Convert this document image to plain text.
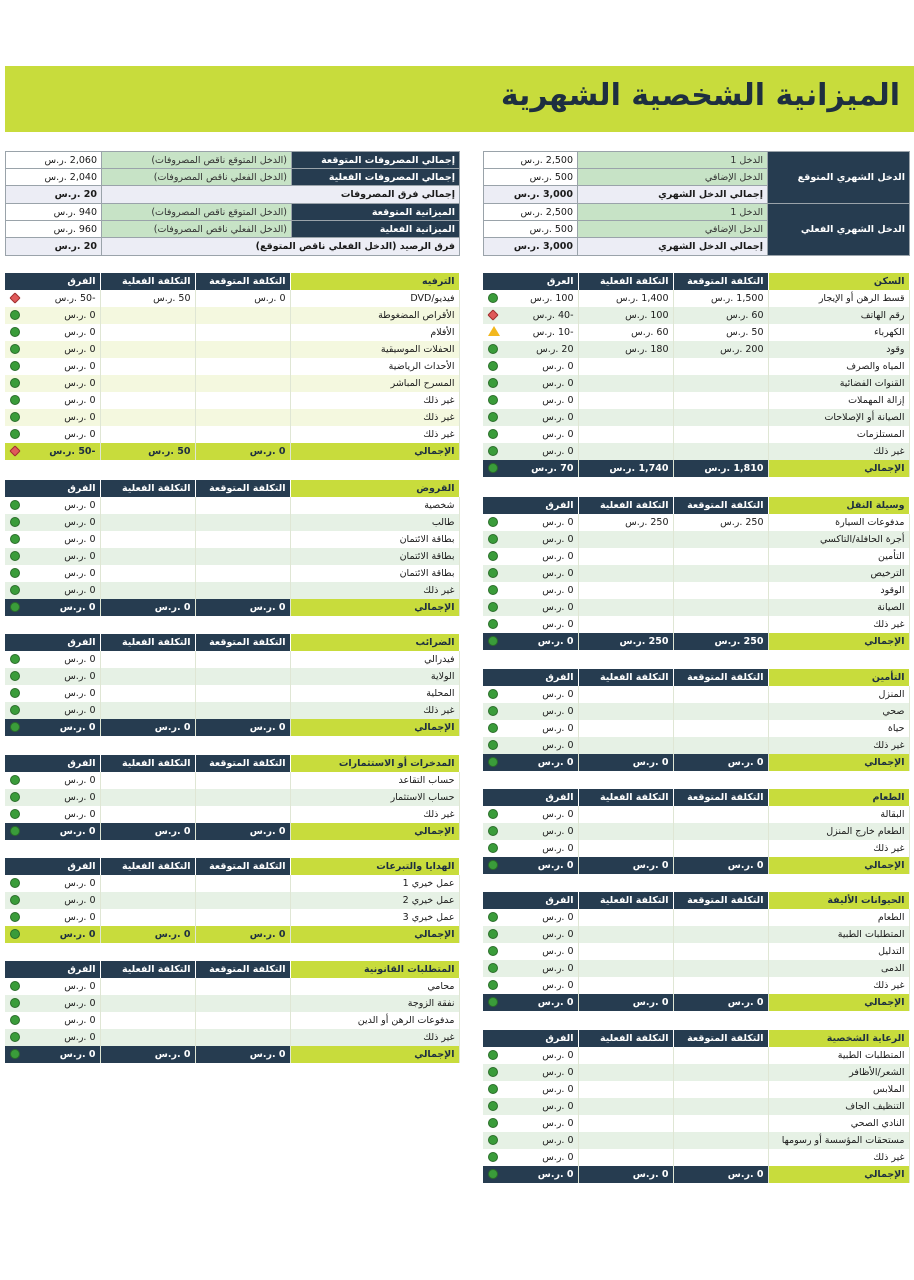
الميزانية الشخصية الشهرية
الدخل الشهري المتوقع	الدخل 1	2,500 .ر.س
	الدخل الإضافي	500 .ر.س
	إجمالي الدخل الشهري	3,000 .ر.س
الدخل الشهري الفعلي	الدخل 1	2,500 .ر.س
	الدخل الإضافي	500 .ر.س
	إجمالي الدخل الشهري	3,000 .ر.س
إجمالي المصروفات المتوقعة	(الدخل المتوقع ناقص المصروفات)	2,060 .ر.س
إجمالي المصروفات الفعلية	(الدخل الفعلي ناقص المصروفات)	2,040 .ر.س
إجمالي فرق المصروفات		20 .ر.س
الميزانية المتوقعة	(الدخل المتوقع ناقص المصروفات)	940 .ر.س
الميزانية الفعلية	(الدخل الفعلي ناقص المصروفات)	960 .ر.س
فرق الرصيد (الدخل الفعلي ناقص المتوقع)		20 .ر.س
السكن	التكلفة المتوقعة	التكلفة الفعلية	العرق
قسط الرهن أو الإيجار	1,500 .ر.س	1,400 .ر.س	100 .ر.س
رقم الهاتف	60 .ر.س	100 .ر.س	-40 .ر.س
الكهرباء	50 .ر.س	60 .ر.س	-10 .ر.س
وقود	200 .ر.س	180 .ر.س	20 .ر.س
المياه والصرف			0 .ر.س
القنوات الفضائية			0 .ر.س
إزالة المهملات			0 .ر.س
الصيانة أو الإصلاحات			0 .ر.س
المستلزمات			0 .ر.س
غير ذلك			0 .ر.س
الإجمالي	1,810 .ر.س	1,740 .ر.س	70 .ر.س
وسيلة النقل	التكلفة المتوقعة	التكلفة الفعلية	الفرق
مدفوعات السيارة	250 .ر.س	250 .ر.س	0 .ر.س
أجرة الحافلة/التاكسي			0 .ر.س
التأمين			0 .ر.س
الترخيص			0 .ر.س
الوقود			0 .ر.س
الصيانة			0 .ر.س
غير ذلك			0 .ر.س
الإجمالي	250 .ر.س	250 .ر.س	0 .ر.س
التأمين	التكلفة المتوقعة	التكلفة الفعلية	الفرق
المنزل			0 .ر.س
صحي			0 .ر.س
حياة			0 .ر.س
غير ذلك			0 .ر.س
الإجمالي	0 .ر.س	0 .ر.س	0 .ر.س
الطعام	التكلفة المتوقعة	التكلفة الفعلية	الفرق
البقالة			0 .ر.س
الطعام خارج المنزل			0 .ر.س
غير ذلك			0 .ر.س
الإجمالي	0 .ر.س	0 .ر.س	0 .ر.س
الحيوانات الأليفة	التكلفة المتوقعة	التكلفة الفعلية	الفرق
الطعام			0 .ر.س
المتطلبات الطبية			0 .ر.س
التدليل			0 .ر.س
الدمى			0 .ر.س
غير ذلك			0 .ر.س
الإجمالي	0 .ر.س	0 .ر.س	0 .ر.س
الرعاية الشخصية	التكلفة المتوقعة	التكلفة الفعلية	الفرق
المتطلبات الطبية			0 .ر.س
الشعر/الأظافر			0 .ر.س
الملابس			0 .ر.س
التنظيف الجاف			0 .ر.س
النادي الصحي			0 .ر.س
مستحقات المؤسسة أو رسومها			0 .ر.س
غير ذلك			0 .ر.س
الإجمالي	0 .ر.س	0 .ر.س	0 .ر.س
الترفيه	التكلفة المتوقعة	التكلفة الفعلية	الفرق
فيديو/DVD	0 .ر.س	50 .ر.س	-50 .ر.س
الأقراص المضغوطة			0 .ر.س
الأفلام			0 .ر.س
الحفلات الموسيقية			0 .ر.س
الأحداث الرياضية			0 .ر.س
المسرح المباشر			0 .ر.س
غير ذلك			0 .ر.س
غير ذلك			0 .ر.س
غير ذلك			0 .ر.س
الإجمالي	0 .ر.س	50 .ر.س	-50 .ر.س
القروض	التكلفة المتوقعة	التكلفة الفعلية	الفرق
شخصية			0 .ر.س
طالب			0 .ر.س
بطاقة الائتمان			0 .ر.س
بطاقة الائتمان			0 .ر.س
بطاقة الائتمان			0 .ر.س
غير ذلك			0 .ر.س
الإجمالي	0 .ر.س	0 .ر.س	0 .ر.س
الضرائب	التكلفة المتوقعة	التكلفة الفعلية	الفرق
فيدرالي			0 .ر.س
الولاية			0 .ر.س
المحلية			0 .ر.س
غير ذلك			0 .ر.س
الإجمالي	0 .ر.س	0 .ر.س	0 .ر.س
المدخرات أو الاستثمارات	التكلفة المتوقعة	التكلفة الفعلية	الفرق
حساب التقاعد			0 .ر.س
حساب الاستثمار			0 .ر.س
غير ذلك			0 .ر.س
الإجمالي	0 .ر.س	0 .ر.س	0 .ر.س
الهدايا والتبرعات	التكلفة المتوقعة	التكلفة الفعلية	الفرق
عمل خيري 1			0 .ر.س
عمل خيري 2			0 .ر.س
عمل خيري 3			0 .ر.س
الإجمالي	0 .ر.س	0 .ر.س	0 .ر.س
المتطلبات القانونية	التكلفة المتوقعة	التكلفة الفعلية	الفرق
محامي			0 .ر.س
نفقة الزوجة			0 .ر.س
مدفوعات الرهن أو الدين			0 .ر.س
غير ذلك			0 .ر.س
الإجمالي	0 .ر.س	0 .ر.س	0 .ر.س
